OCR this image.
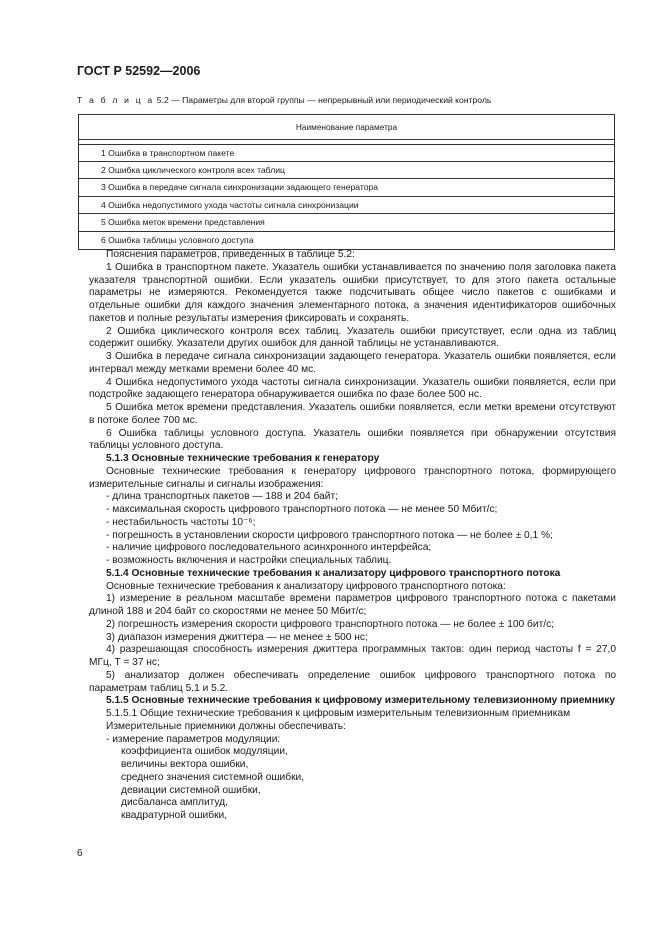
ГОСТ Р 52592—2006
Т а б л и ц а 5.2 — Параметры для второй группы — непрерывный или периодический контроль
Наименование параметра
1 Ошибка в транспортном пакете
2 Ошибка циклического контроля всех таблиц
3 Ошибка в передаче сигнала синхронизации задающего генератора
4 Ошибка недопустимого ухода частоты сигнала синхронизации
5 Ошибка меток времени представления
6 Ошибка таблицы условного доступа

Пояснения параметров, приведенных в таблице 5.2:

1 Ошибка в транспортном пакете. Указатель ошибки устанавливается по значению поля заголовка пакета указателя транспортной ошибки. Если указатель ошибки присутствует, то для этого пакета остальные параметры не измеряются. Рекомендуется также подсчитывать общее число пакетов с ошибками и отдельные ошибки для каждого значения элементарного потока, а значения идентификаторов ошибочных пакетов и полные результаты измерения фиксировать и сохранять.

2 Ошибка циклического контроля всех таблиц. Указатель ошибки присутствует, если одна из таблиц содержит ошибку. Указатели других ошибок для данной таблицы не устанавливаются.

3 Ошибка в передаче сигнала синхронизации задающего генератора. Указатель ошибки появляется, если интервал между метками времени более 40 мс.

4 Ошибка недопустимого ухода частоты сигнала синхронизации. Указатель ошибки появляется, если при подстройке задающего генератора обнаруживается ошибка по фазе более 500 нс.

5 Ошибка меток времени представления. Указатель ошибки появляется, если метки времени отсутствуют в потоке более 700 мс.

6 Ошибка таблицы условного доступа. Указатель ошибки появляется при обнаружении отсутствия таблицы условного доступа.

5.1.3 Основные технические требования к генератору

Основные технические требования к генератору цифрового транспортного потока, формирующего измерительные сигналы и сигналы изображения:

- длина транспортных пакетов — 188 и 204 байт;

- максимальная скорость цифрового транспортного потока — не менее 50 Мбит/с;

- нестабильность частоты 10⁻⁶;

- погрешность в установлении скорости цифрового транспортного потока — не более ± 0,1 %;

- наличие цифрового последовательного асинхронного интерфейса;

- возможность включения и настройки специальных таблиц.

5.1.4 Основные технические требования к анализатору цифрового транспортного потока

Основные технические требования к анализатору цифрового транспортного потока:

1) измерение в реальном масштабе времени параметров цифрового транспортного потока с пакетами длиной 188 и 204 байт со скоростями не менее 50 Мбит/с;

2) погрешность измерения скорости цифрового транспортного потока — не более ± 100 бит/с;

3) диапазон измерения джиттера — не менее ± 500 нс;

4) разрешающая способность измерения джиттера программных тактов: один период частоты f = 27,0 МГц, T = 37 нс;

5) анализатор должен обеспечивать определение ошибок цифрового транспортного потока по параметрам таблиц 5.1 и 5.2.

5.1.5 Основные технические требования к цифровому измерительному телевизионному приемнику

5.1.5.1 Общие технические требования к цифровым измерительным телевизионным приемникам

Измерительные приемники должны обеспечивать:

- измерение параметров модуляции:

коэффициента ошибок модуляции,

величины вектора ошибки,

среднего значения системной ошибки,

девиации системной ошибки,

дисбаланса амплитуд,

квадратурной ошибки,

6
